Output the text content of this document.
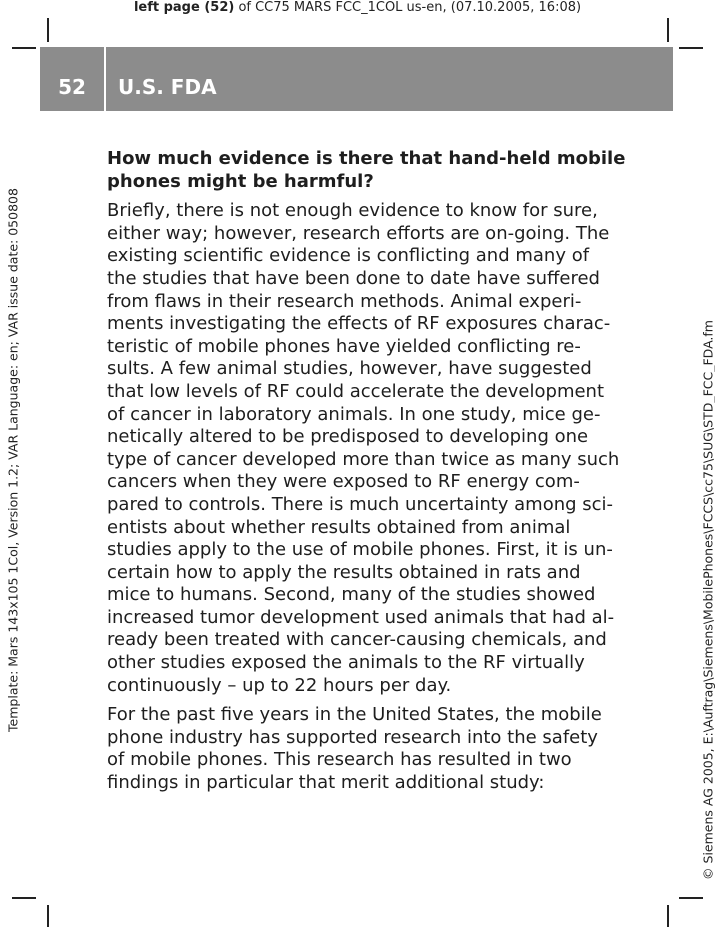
left page (52) of CC75 MARS FCC_1COL us-en, (07.10.2005, 16:08)
Template: Mars 143x105 1Col, Version 1.2; VAR Language: en; VAR issue date: 050808	© Siemens AG 2005, E:\Auftrag\Siemens\MobilePhones\FCCS\cc75\SUG\STD_FCC_FDA.fm
52	U.S. FDA
How much evidence is there that hand-held mobile
phones might be harmful?

Briefly, there is not enough evidence to know for sure,
either way; however, research efforts are on-going. The
existing scientific evidence is conflicting and many of
the studies that have been done to date have suffered
from flaws in their research methods. Animal experi-
ments investigating the effects of RF exposures charac-
teristic of mobile phones have yielded conflicting re-
sults. A few animal studies, however, have suggested
that low levels of RF could accelerate the development
of cancer in laboratory animals. In one study, mice ge-
netically altered to be predisposed to developing one
type of cancer developed more than twice as many such
cancers when they were exposed to RF energy com-
pared to controls. There is much uncertainty among sci-
entists about whether results obtained from animal
studies apply to the use of mobile phones. First, it is un-
certain how to apply the results obtained in rats and
mice to humans. Second, many of the studies showed
increased tumor development used animals that had al-
ready been treated with cancer-causing chemicals, and
other studies exposed the animals to the RF virtually
continuously – up to 22 hours per day.

For the past five years in the United States, the mobile
phone industry has supported research into the safety
of mobile phones. This research has resulted in two
findings in particular that merit additional study:
